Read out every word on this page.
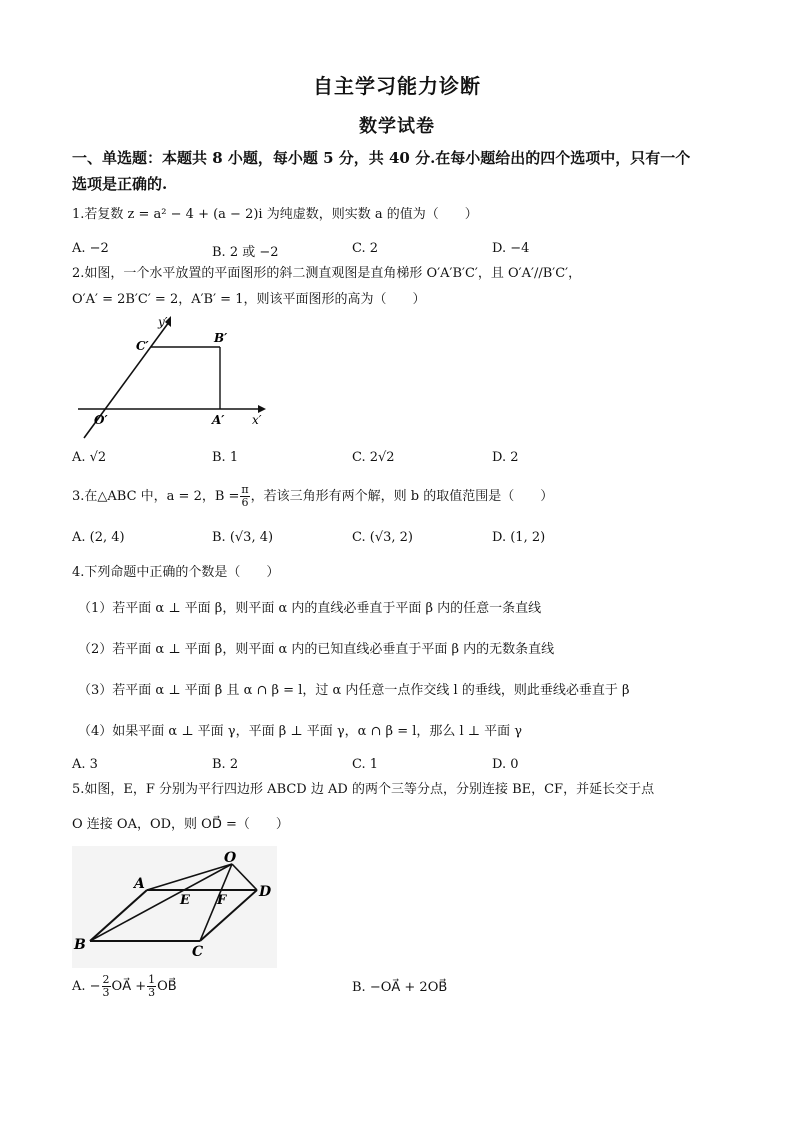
自主学习能力诊断
数学试卷
一、单选题：本题共 8 小题，每小题 5 分，共 40 分.在每小题给出的四个选项中，只有一个
选项是正确的.
1.若复数 z = a² − 4 + (a − 2)i 为纯虚数，则实数 a 的值为（　　）
A. −2	B. 2 或 −2	C. 2	D. −4
2.如图，一个水平放置的平面图形的斜二测直观图是直角梯形 O′A′B′C′，且 O′A′//B′C′，
O′A′ = 2B′C′ = 2，A′B′ = 1，则该平面图形的高为（　　）
y′
C′
B′
O′	A′ x′
A. √2	B. 1	C. 2√2	D. 2
3.在△ABC 中，a = 2，$B = \frac{\pi}{6}$ ，若该三角形有两个解，则 b 的取值范围是（　　）
A. (2, 4)	B. (√3, 4)	C. (√3, 2)	D. (1, 2)
4.下列命题中正确的个数是（　　）
（1）若平面 α ⊥ 平面 β，则平面 α 内的直线必垂直于平面 β 内的任意一条直线
（2）若平面 α ⊥ 平面 β，则平面 α 内的已知直线必垂直于平面 β 内的无数条直线
（3）若平面 α ⊥ 平面 β 且 α ∩ β = l，过 α 内任意一点作交线 l 的垂线，则此垂线必垂直于 β
（4）如果平面 α ⊥ 平面 γ，平面 β ⊥ 平面 γ，α ∩ β = l，那么 l ⊥ 平面 γ
A. 3	B. 2	C. 1	D. 0
5.如图，E，F 分别为平行四边形 ABCD 边 AD 的两个三等分点，分别连接 BE，CF，并延长交于点
O 连接 OA，OD，则 OD⃗ =（　　）
O
A
E F
D
B	C
A. − $\frac{2}{3}$ OA⃗ + $\frac{1}{3}$ OB⃗	B. −OA⃗ + 2OB⃗
